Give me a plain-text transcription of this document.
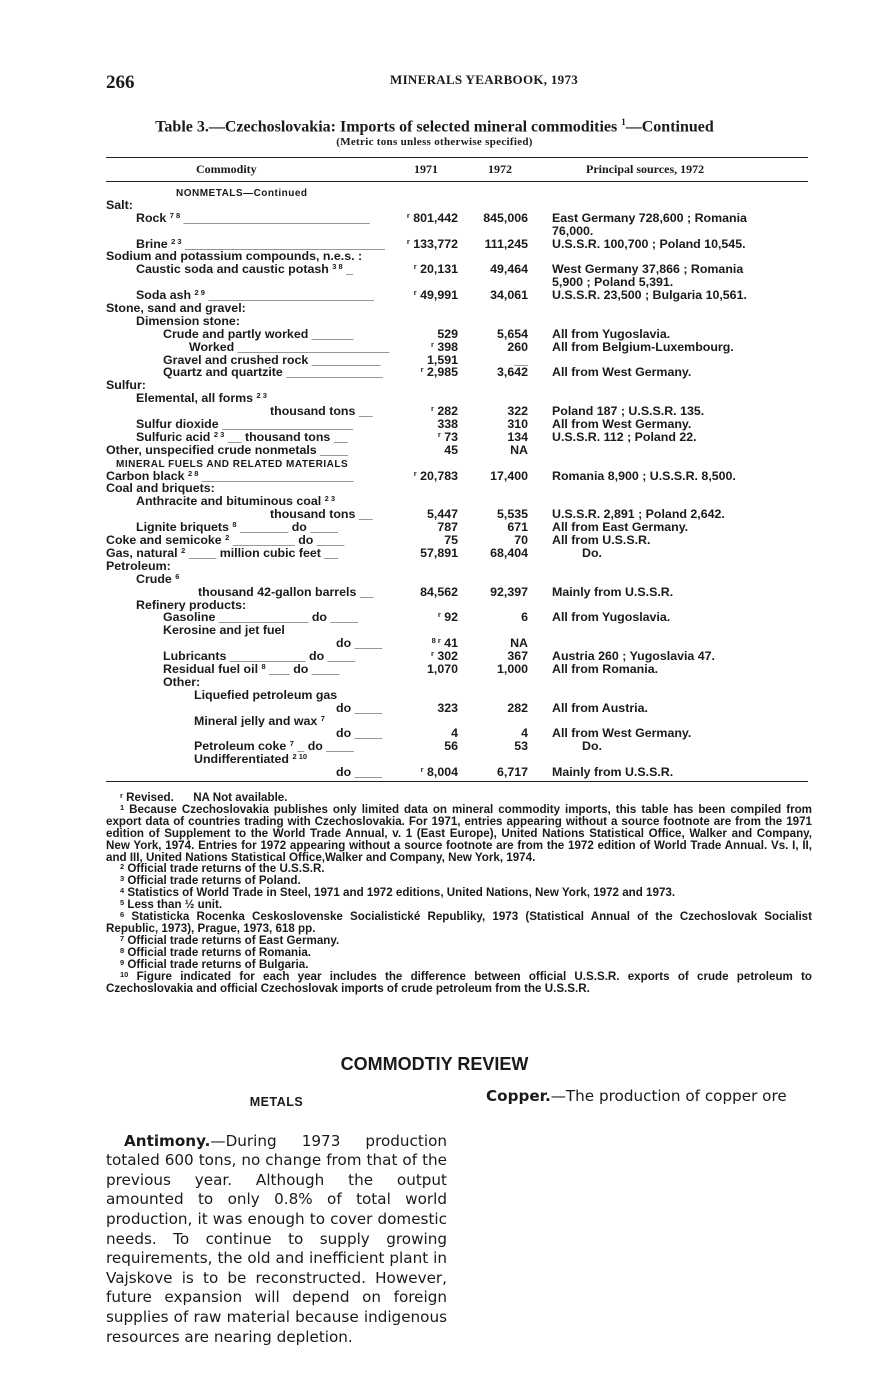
266	MINERALS YEARBOOK, 1973
Table 3.—Czechoslovakia: Imports of selected mineral commodities $^1$—Continued
(Metric tons unless otherwise specified)
Commodity	1971	1972	Principal sources, 1972
NONMETALS—Continued
Salt:
Rock $^{7 8}$ ___________________________	$^r$ 801,442	845,006 East Germany 728,600 ; Romania
76,000.
Brine $^{2 3}$ _____________________________	$^r$ 133,772	111,245 U.S.S.R. 100,700 ; Poland 10,545.
Sodium and potassium compounds, n.e.s. :
Caustic soda and caustic potash $^{3 8}$ _	$^r$ 20,131	49,464 West Germany 37,866 ; Romania
5,900 ; Poland 5,391.
Soda ash $^{2 9}$ ________________________	$^r$ 49,991	34,061 U.S.S.R. 23,500 ; Bulgaria 10,561.
Stone, sand and gravel:
Dimension stone:
Crude and partly worked ______	529	5,654 All from Yugoslavia.
Worked ______________________	$^r$ 398	260 All from Belgium-Luxembourg.
Gravel and crushed rock __________	1,591	__
Quartz and quartzite ______________	$^r$ 2,985	3,642 All from West Germany.
Sulfur:
Elemental, all forms $^{2 3}$
thousand tons __	$^r$ 282	322 Poland 187 ; U.S.S.R. 135.
Sulfur dioxide ___________________	338	310 All from West Germany.
Sulfuric acid $^{2 3}$ __ thousand tons __	$^r$ 73	134 U.S.S.R. 112 ; Poland 22.
Other, unspecified crude nonmetals ____	45	NA
MINERAL FUELS AND RELATED MATERIALS
Carbon black $^{2 8}$ ______________________	$^r$ 20,783	17,400 Romania 8,900 ; U.S.S.R. 8,500.
Coal and briquets:
Anthracite and bituminous coal $^{2 3}$
thousand tons __	5,447	5,535 U.S.S.R. 2,891 ; Poland 2,642.
Lignite briquets $^8$ _______ do ____	787	671 All from East Germany.
Coke and semicoke $^2$ _________ do ____	75	70 All from U.S.S.R.
Gas, natural $^2$ ____ million cubic feet __	57,891	68,404	Do.
Petroleum:
Crude $^6$
thousand 42-gallon barrels __	84,562	92,397 Mainly from U.S.S.R.
Refinery products:
Gasoline _____________ do ____	$^r$ 92	6 All from Yugoslavia.
Kerosine and jet fuel
do ____	$^{8 r}$ 41	NA
Lubricants ___________ do ____	$^r$ 302	367 Austria 260 ; Yugoslavia 47.
Residual fuel oil $^8$ ___ do ____	1,070	1,000 All from Romania.
Other:
Liquefied petroleum gas
do ____	323	282 All from Austria.
Mineral jelly and wax $^7$
do ____	4	4 All from West Germany.
Petroleum coke $^7$ _ do ____	56	53	Do.
Undifferentiated $^{2 10}$
do ____	$^r$ 8,004	6,717 Mainly from U.S.S.R.

$^r$ Revised. NA Not available.

$^1$ Because Czechoslovakia publishes only limited data on mineral commodity imports, this table has been compiled from export data of countries trading with Czechoslovakia. For 1971, entries appearing without a source footnote are from the 1971 edition of Supplement to the World Trade Annual, v. 1 (East Europe), United Nations Statistical Office, Walker and Company, New York, 1974. Entries for 1972 appearing without a source footnote are from the 1972 edition of World Trade Annual. Vs. I, II, and III, United Nations Statistical Office,Walker and Company, New York, 1974.

$^2$ Official trade returns of the U.S.S.R.

$^3$ Official trade returns of Poland.

$^4$ Statistics of World Trade in Steel, 1971 and 1972 editions, United Nations, New York, 1972 and 1973.

$^5$ Less than ½ unit.

$^6$ Statisticka Rocenka Ceskoslovenske Socialistické Republiky, 1973 (Statistical Annual of the Czechoslovak Socialist Republic, 1973), Prague, 1973, 618 pp.

$^7$ Official trade returns of East Germany.

$^8$ Official trade returns of Romania.

$^9$ Official trade returns of Bulgaria.

$^{10}$ Figure indicated for each year includes the difference between official U.S.S.R. exports of crude petroleum to Czechoslovakia and official Czechoslovak imports of crude petroleum from the U.S.S.R.

COMMODTIY REVIEW

METALS

Antimony.—During 1973 production totaled 600 tons, no change from that of the previous year. Although the output amounted to only 0.8% of total world production, it was enough to cover domestic needs. To continue to supply growing requirements, the old and inefficient plant in Vajskove is to be reconstructed. However, future expansion will depend on foreign supplies of raw material because indigenous resources are nearing depletion.

Copper.—The production of copper ore
